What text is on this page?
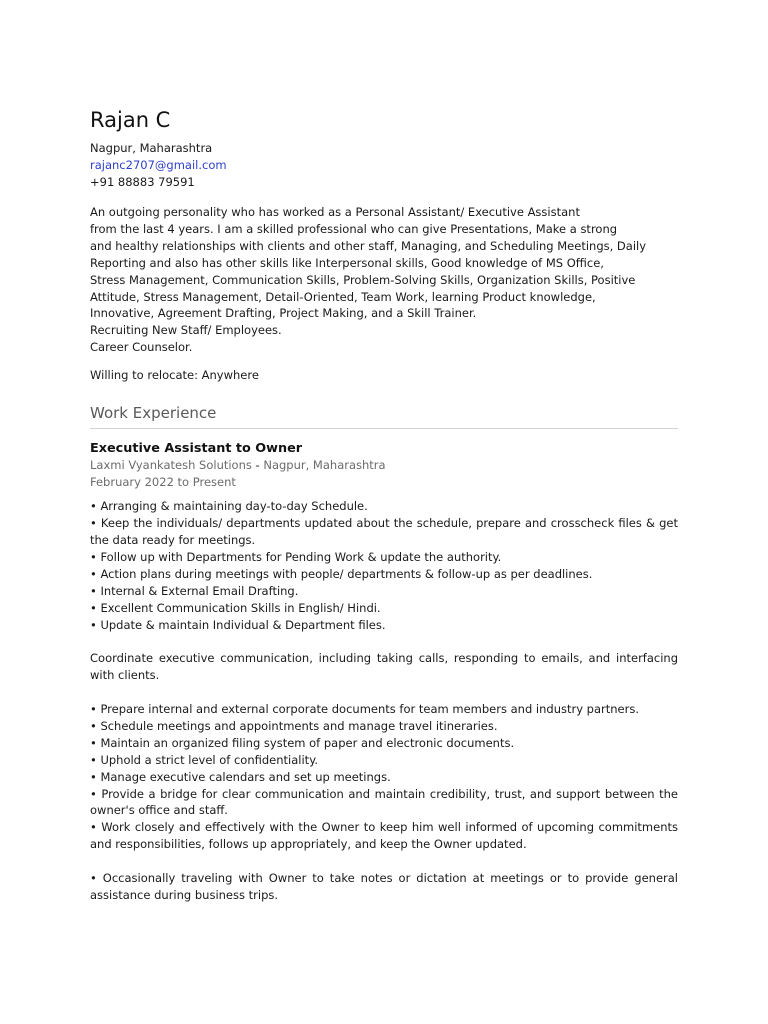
Rajan C
Nagpur, Maharashtra
rajanc2707@gmail.com
+91 88883 79591
An outgoing personality who has worked as a Personal Assistant/ Executive Assistant
from the last 4 years. I am a skilled professional who can give Presentations, Make a strong
and healthy relationships with clients and other staff, Managing, and Scheduling Meetings, Daily
Reporting and also has other skills like Interpersonal skills, Good knowledge of MS Office,
Stress Management, Communication Skills, Problem-Solving Skills, Organization Skills, Positive
Attitude, Stress Management, Detail-Oriented, Team Work, learning Product knowledge,
Innovative, Agreement Drafting, Project Making, and a Skill Trainer.
Recruiting New Staff/ Employees.
Career Counselor.
Willing to relocate: Anywhere
Work Experience
Executive Assistant to Owner
Laxmi Vyankatesh Solutions - Nagpur, Maharashtra
February 2022 to Present

• Arranging & maintaining day-to-day Schedule.

• Keep the individuals/ departments updated about the schedule, prepare and crosscheck files & get the data ready for meetings.

• Follow up with Departments for Pending Work & update the authority.

• Action plans during meetings with people/ departments & follow-up as per deadlines.

• Internal & External Email Drafting.

• Excellent Communication Skills in English/ Hindi.

• Update & maintain Individual & Department files.

Coordinate executive communication, including taking calls, responding to emails, and interfacing with clients.

• Prepare internal and external corporate documents for team members and industry partners.

• Schedule meetings and appointments and manage travel itineraries.

• Maintain an organized filing system of paper and electronic documents.

• Uphold a strict level of confidentiality.

• Manage executive calendars and set up meetings.

• Provide a bridge for clear communication and maintain credibility, trust, and support between the owner's office and staff.

• Work closely and effectively with the Owner to keep him well informed of upcoming commitments and responsibilities, follows up appropriately, and keep the Owner updated.

• Occasionally traveling with Owner to take notes or dictation at meetings or to provide general assistance during business trips.
